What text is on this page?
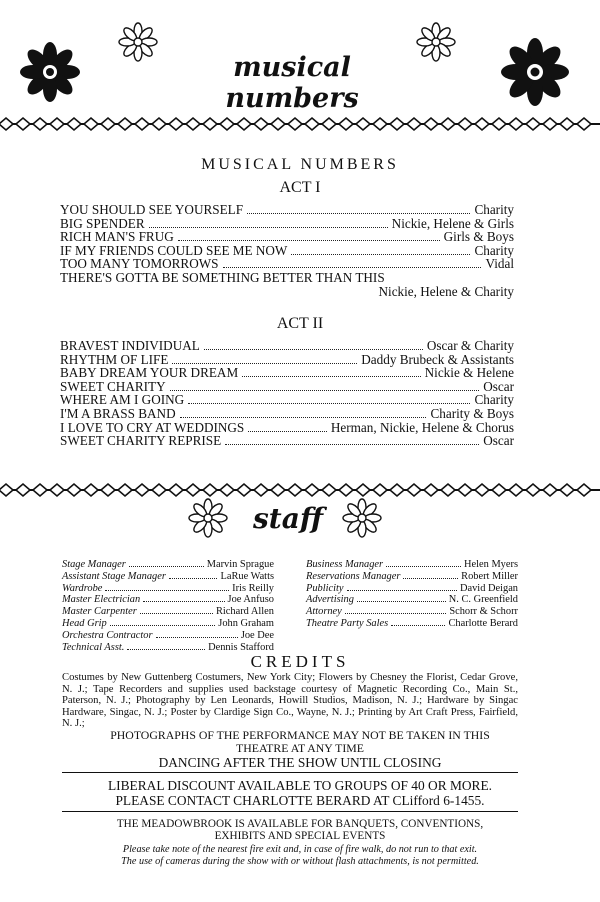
musical numbers
MUSICAL NUMBERS
ACT I
YOU SHOULD SEE YOURSELF	Charity
BIG SPENDER	Nickie, Helene & Girls
RICH MAN'S FRUG	Girls & Boys
IF MY FRIENDS COULD SEE ME NOW	Charity
TOO MANY TOMORROWS	Vidal
THERE'S GOTTA BE SOMETHING BETTER THAN THIS
Nickie, Helene & Charity
ACT II
BRAVEST INDIVIDUAL	Oscar & Charity
RHYTHM OF LIFE	Daddy Brubeck & Assistants
BABY DREAM YOUR DREAM	Nickie & Helene
SWEET CHARITY	Oscar
WHERE AM I GOING	Charity
I'M A BRASS BAND	Charity & Boys
I LOVE TO CRY AT WEDDINGS	Herman, Nickie, Helene & Chorus
SWEET CHARITY REPRISE	Oscar
staff
Stage Manager	Marvin Sprague
Assistant Stage Manager	LaRue Watts
Wardrobe	Iris Reilly
Master Electrician	Joe Anfuso
Master Carpenter	Richard Allen
Head Grip	John Graham
Orchestra Contractor	Joe Dee
Technical Asst.	Dennis Stafford
Business Manager	Helen Myers
Reservations Manager	Robert Miller
Publicity	David Deigan
Advertising	N. C. Greenfield
Attorney	Schorr & Schorr
Theatre Party Sales	Charlotte Berard
CREDITS
Costumes by New Guttenberg Costumers, New York City; Flowers by Chesney the Florist, Cedar Grove, N. J.; Tape Recorders and supplies used backstage courtesy of Magnetic Recording Co., Main St., Paterson, N. J.; Photography by Len Leonards, Howill Studios, Madison, N. J.; Hardware by Singac Hardware, Singac, N. J.; Poster by Clardige Sign Co., Wayne, N. J.; Printing by Art Craft Press, Fairfield, N. J.;
PHOTOGRAPHS OF THE PERFORMANCE MAY NOT BE TAKEN IN THIS
THEATRE AT ANY TIME
DANCING AFTER THE SHOW UNTIL CLOSING
LIBERAL DISCOUNT AVAILABLE TO GROUPS OF 40 OR MORE.
PLEASE CONTACT CHARLOTTE BERARD AT CLifford 6-1455.
THE MEADOWBROOK IS AVAILABLE FOR BANQUETS, CONVENTIONS,
EXHIBITS AND SPECIAL EVENTS
Please take note of the nearest fire exit and, in case of fire walk, do not run to that exit.
The use of cameras during the show with or without flash attachments, is not permitted.
